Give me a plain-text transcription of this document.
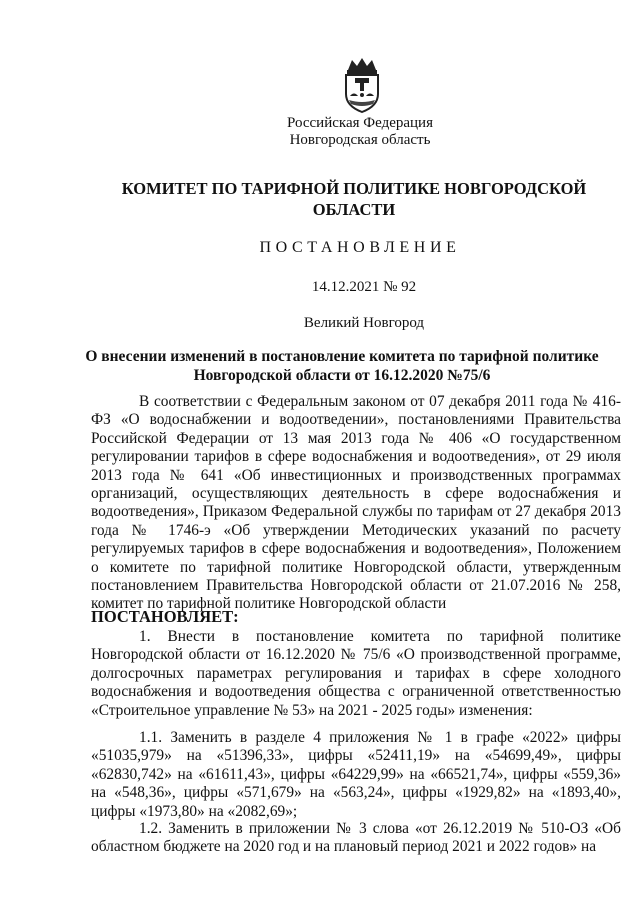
Российская Федерация
Новгородская область
КОМИТЕТ ПО ТАРИФНОЙ ПОЛИТИКЕ НОВГОРОДСКОЙ
ОБЛАСТИ
ПОСТАНОВЛЕНИЕ
14.12.2021 № 92
Великий Новгород
О внесении изменений в постановление комитета по тарифной политике
Новгородской области от 16.12.2020 №75/6
В соответствии с Федеральным законом от 07 декабря 2011 года № 416-ФЗ «О водоснабжении и водоотведении», постановлениями Правительства Российской Федерации от 13 мая 2013 года № 406 «О государственном регулировании тарифов в сфере водоснабжения и водоотведения», от 29 июля 2013 года № 641 «Об инвестиционных и производственных программах организаций, осуществляющих деятельность в сфере водоснабжения и водоотведения», Приказом Федеральной службы по тарифам от 27 декабря 2013 года № 1746-э «Об утверждении Методических указаний по расчету регулируемых тарифов в сфере водоснабжения и водоотведения», Положением о комитете по тарифной политике Новгородской области, утвержденным постановлением Правительства Новгородской области от 21.07.2016 № 258, комитет по тарифной политике Новгородской области
ПОСТАНОВЛЯЕТ:
1. Внести в постановление комитета по тарифной политике Новгородской области от 16.12.2020 № 75/6 «О производственной программе, долгосрочных параметрах регулирования и тарифах в сфере холодного водоснабжения и водоотведения общества с ограниченной ответственностью «Строительное управление № 53» на 2021 - 2025 годы» изменения:
1.1. Заменить в разделе 4 приложения № 1 в графе «2022» цифры «51035,979» на «51396,33», цифры «52411,19» на «54699,49», цифры «62830,742» на «61611,43», цифры «64229,99» на «66521,74», цифры «559,36» на «548,36», цифры «571,679» на «563,24», цифры «1929,82» на «1893,40», цифры «1973,80» на «2082,69»;
1.2. Заменить в приложении № 3 слова «от 26.12.2019 № 510-ОЗ «Об областном бюджете на 2020 год и на плановый период 2021 и 2022 годов» на
